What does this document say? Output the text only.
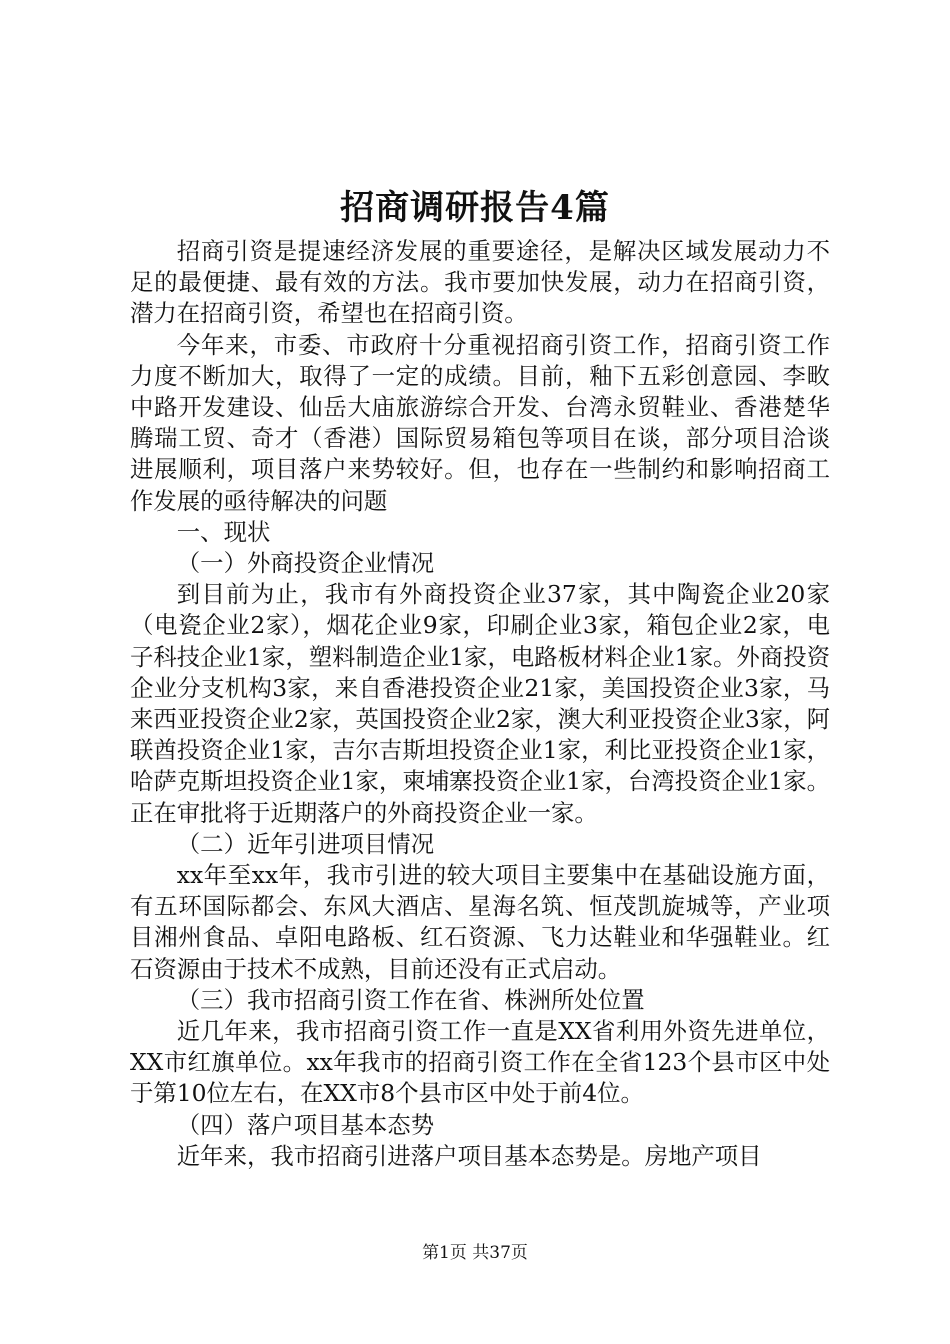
招商调研报告4篇

招商引资是提速经济发展的重要途径，是解决区域发展动力不足的最便捷、最有效的方法。我市要加快发展，动力在招商引资，潜力在招商引资，希望也在招商引资。

今年来，市委、市政府十分重视招商引资工作，招商引资工作力度不断加大，取得了一定的成绩。目前，釉下五彩创意园、李畋中路开发建设、仙岳大庙旅游综合开发、台湾永贸鞋业、香港楚华腾瑞工贸、奇才（香港）国际贸易箱包等项目在谈，部分项目洽谈进展顺利，项目落户来势较好。但，也存在一些制约和影响招商工作发展的亟待解决的问题

一、现状

（一）外商投资企业情况

到目前为止，我市有外商投资企业37家，其中陶瓷企业20家（电瓷企业2家），烟花企业9家，印刷企业3家，箱包企业2家，电子科技企业1家，塑料制造企业1家，电路板材料企业1家。外商投资企业分支机构3家，来自香港投资企业21家，美国投资企业3家，马来西亚投资企业2家，英国投资企业2家，澳大利亚投资企业3家，阿联酋投资企业1家，吉尔吉斯坦投资企业1家，利比亚投资企业1家，哈萨克斯坦投资企业1家，柬埔寨投资企业1家，台湾投资企业1家。正在审批将于近期落户的外商投资企业一家。

（二）近年引进项目情况

xx年至xx年，我市引进的较大项目主要集中在基础设施方面，有五环国际都会、东风大酒店、星海名筑、恒茂凯旋城等，产业项目湘州食品、卓阳电路板、红石资源、飞力达鞋业和华强鞋业。红石资源由于技术不成熟，目前还没有正式启动。

（三）我市招商引资工作在省、株洲所处位置

近几年来，我市招商引资工作一直是XX省利用外资先进单位，XX市红旗单位。xx年我市的招商引资工作在全省123个县市区中处于第10位左右，在XX市8个县市区中处于前4位。

（四）落户项目基本态势

近年来，我市招商引进落户项目基本态势是。房地产项目

第1页 共37页
